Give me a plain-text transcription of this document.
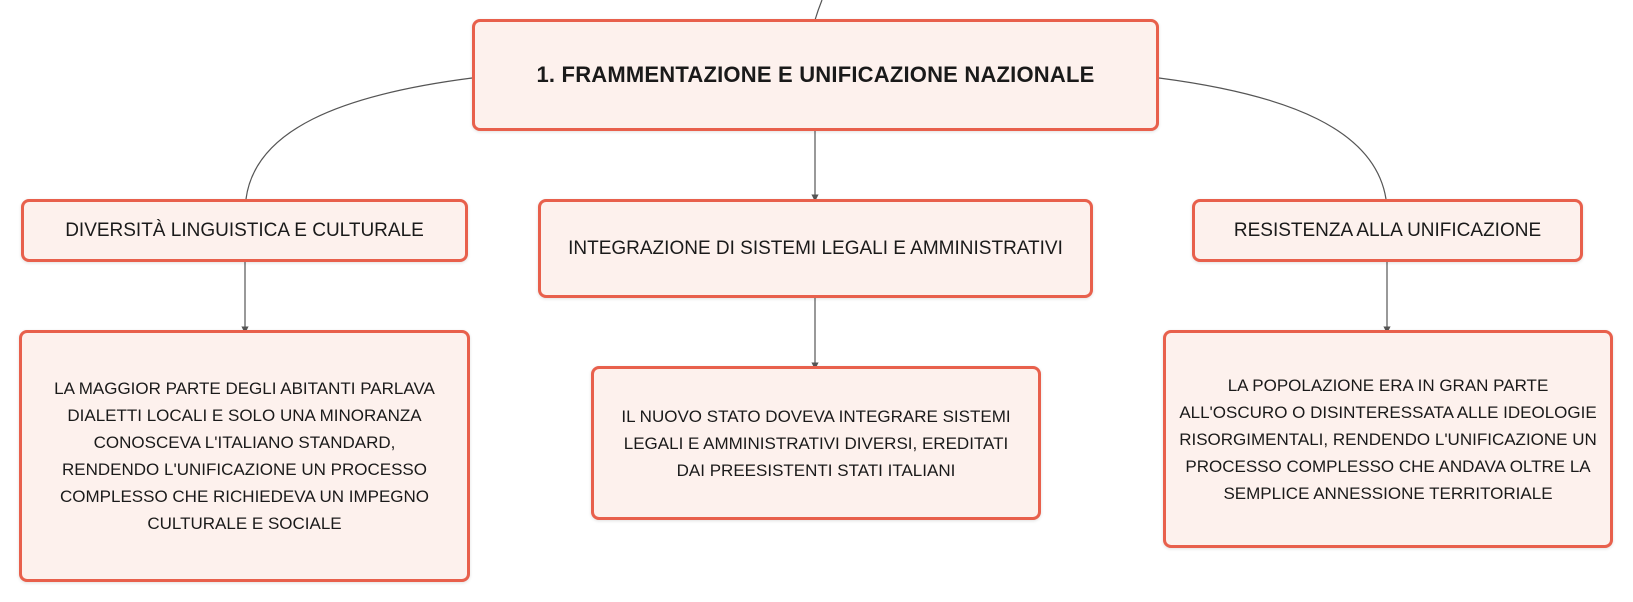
1. FRAMMENTAZIONE E UNIFICAZIONE NAZIONALE
DIVERSITÀ LINGUISTICA E CULTURALE
INTEGRAZIONE DI SISTEMI LEGALI E AMMINISTRATIVI
RESISTENZA ALLA UNIFICAZIONE
LA MAGGIOR PARTE DEGLI ABITANTI PARLAVA DIALETTI LOCALI E SOLO UNA MINORANZA CONOSCEVA L'ITALIANO STANDARD, RENDENDO L'UNIFICAZIONE UN PROCESSO COMPLESSO CHE RICHIEDEVA UN IMPEGNO CULTURALE E SOCIALE
IL NUOVO STATO DOVEVA INTEGRARE SISTEMI LEGALI E AMMINISTRATIVI DIVERSI, EREDITATI DAI PREESISTENTI STATI ITALIANI
LA POPOLAZIONE ERA IN GRAN PARTE ALL'OSCURO O DISINTERESSATA ALLE IDEOLOGIE RISORGIMENTALI, RENDENDO L'UNIFICAZIONE UN PROCESSO COMPLESSO CHE ANDAVA OLTRE LA SEMPLICE ANNESSIONE TERRITORIALE
